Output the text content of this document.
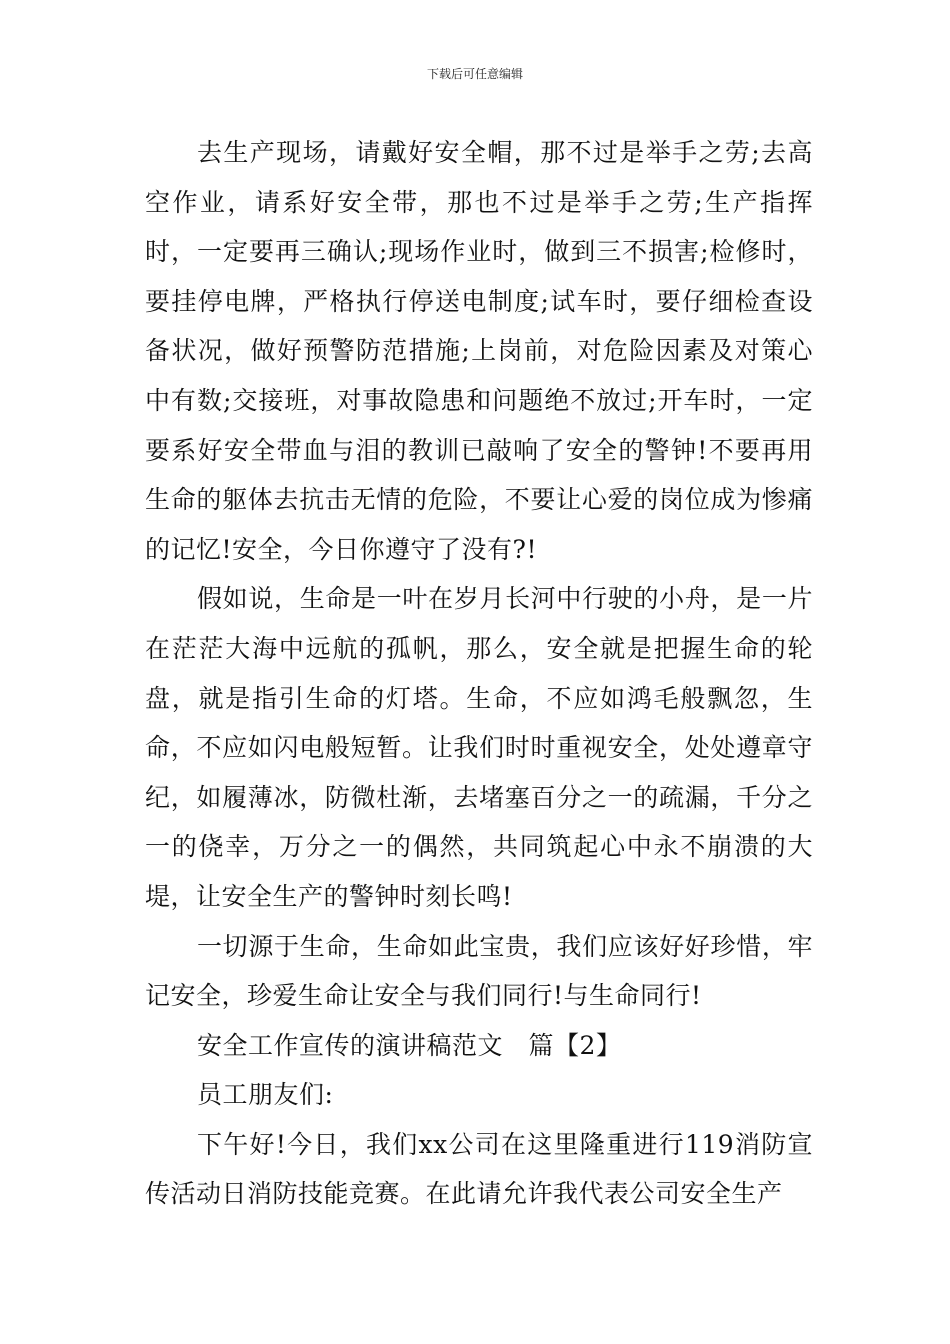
下载后可任意编辑

去生产现场，请戴好安全帽，那不过是举手之劳;去高空作业，请系好安全带，那也不过是举手之劳;生产指挥时，一定要再三确认;现场作业时，做到三不损害;检修时，要挂停电牌，严格执行停送电制度;试车时，要仔细检查设备状况，做好预警防范措施;上岗前，对危险因素及对策心中有数;交接班，对事故隐患和问题绝不放过;开车时，一定要系好安全带血与泪的教训已敲响了安全的警钟!不要再用生命的躯体去抗击无情的危险，不要让心爱的岗位成为惨痛的记忆!安全，今日你遵守了没有?!

假如说，生命是一叶在岁月长河中行驶的小舟，是一片在茫茫大海中远航的孤帆，那么，安全就是把握生命的轮盘，就是指引生命的灯塔。生命，不应如鸿毛般飘忽，生命，不应如闪电般短暂。让我们时时重视安全，处处遵章守纪，如履薄冰，防微杜渐，去堵塞百分之一的疏漏，千分之一的侥幸，万分之一的偶然，共同筑起心中永不崩溃的大堤，让安全生产的警钟时刻长鸣!

一切源于生命，生命如此宝贵，我们应该好好珍惜，牢记安全，珍爱生命让安全与我们同行!与生命同行!

安全工作宣传的演讲稿范文　篇【2】

员工朋友们:

下午好!今日，我们xx公司在这里隆重进行119消防宣传活动日消防技能竞赛。在此请允许我代表公司安全生产
